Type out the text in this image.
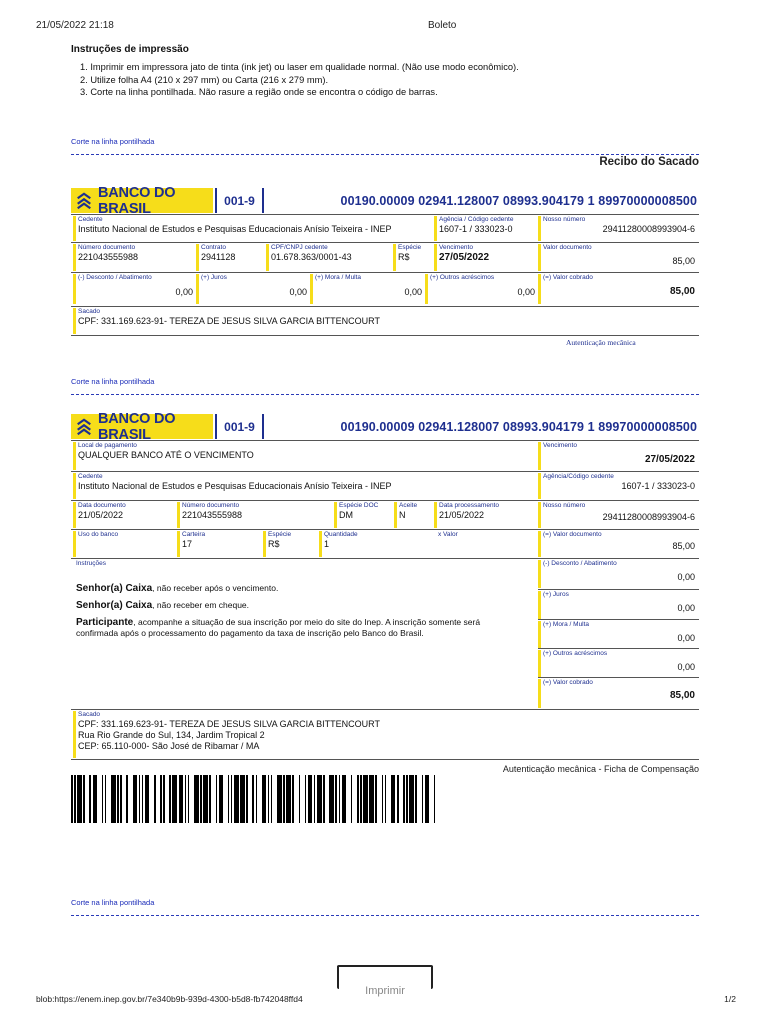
21/05/2022 21:18	Boleto
Instruções de impressão
1. Imprimir em impressora jato de tinta (ink jet) ou laser em qualidade normal. (Não use modo econômico).
2. Utilize folha A4 (210 x 297 mm) ou Carta (216 x 279 mm).
3. Corte na linha pontilhada. Não rasure a região onde se encontra o código de barras.
Corte na linha pontilhada
Recibo do Sacado
BANCO DO BRASIL	001-9	00190.00009 02941.128007 08993.904179 1 89970000008500
Cedente
Instituto Nacional de Estudos e Pesquisas Educacionais Anísio Teixeira - INEP
Agência / Código cedente
1607-1 / 333023-0
Nosso número
29411280008993904-6
Número documento
221043555988
Contrato
2941128
CPF/CNPJ cedente
01.678.363/0001-43
Espécie
R$
Vencimento
27/05/2022
Valor documento
85,00
(-) Desconto / Abatimento
0,00
(+) Juros
0,00
(+) Mora / Multa
0,00
(+) Outros acréscimos
0,00
(=) Valor cobrado
85,00
Sacado
CPF: 331.169.623-91- TEREZA DE JESUS SILVA GARCIA BITTENCOURT
Autenticação mecânica
Corte na linha pontilhada
BANCO DO BRASIL	001-9	00190.00009 02941.128007 08993.904179 1 89970000008500
Local de pagamento
QUALQUER BANCO ATÉ O VENCIMENTO
Vencimento
27/05/2022
Cedente
Instituto Nacional de Estudos e Pesquisas Educacionais Anísio Teixeira - INEP
Agência/Código cedente
1607-1 / 333023-0
Data documento
21/05/2022
Número documento
221043555988
Espécie DOC
DM
Aceite
N
Data processamento
21/05/2022
Nosso número
29411280008993904-6
Uso do banco	Carteira
17
Espécie
R$
Quantidade
1
x Valor	(=) Valor documento
85,00
Instruções
Senhor(a) Caixa, não receber após o vencimento.
Senhor(a) Caixa, não receber em cheque.
Participante, acompanhe a situação de sua inscrição por meio do site do Inep. A inscrição somente será
confirmada após o processamento do pagamento da taxa de inscrição pelo Banco do Brasil.
(-) Desconto / Abatimento
0,00
(+) Juros
0,00
(+) Mora / Multa
0,00
(+) Outros acréscimos
0,00
(=) Valor cobrado
85,00
Sacado
CPF: 331.169.623-91- TEREZA DE JESUS SILVA GARCIA BITTENCOURT
Rua Rio Grande do Sul, 134, Jardim Tropical 2
CEP: 65.110-000- São José de Ribamar / MA
Autenticação mecânica - Ficha de Compensação
Corte na linha pontilhada
Imprimir
blob:https://enem.inep.gov.br/7e340b9b-939d-4300-b5d8-fb742048ffd4	1/2
